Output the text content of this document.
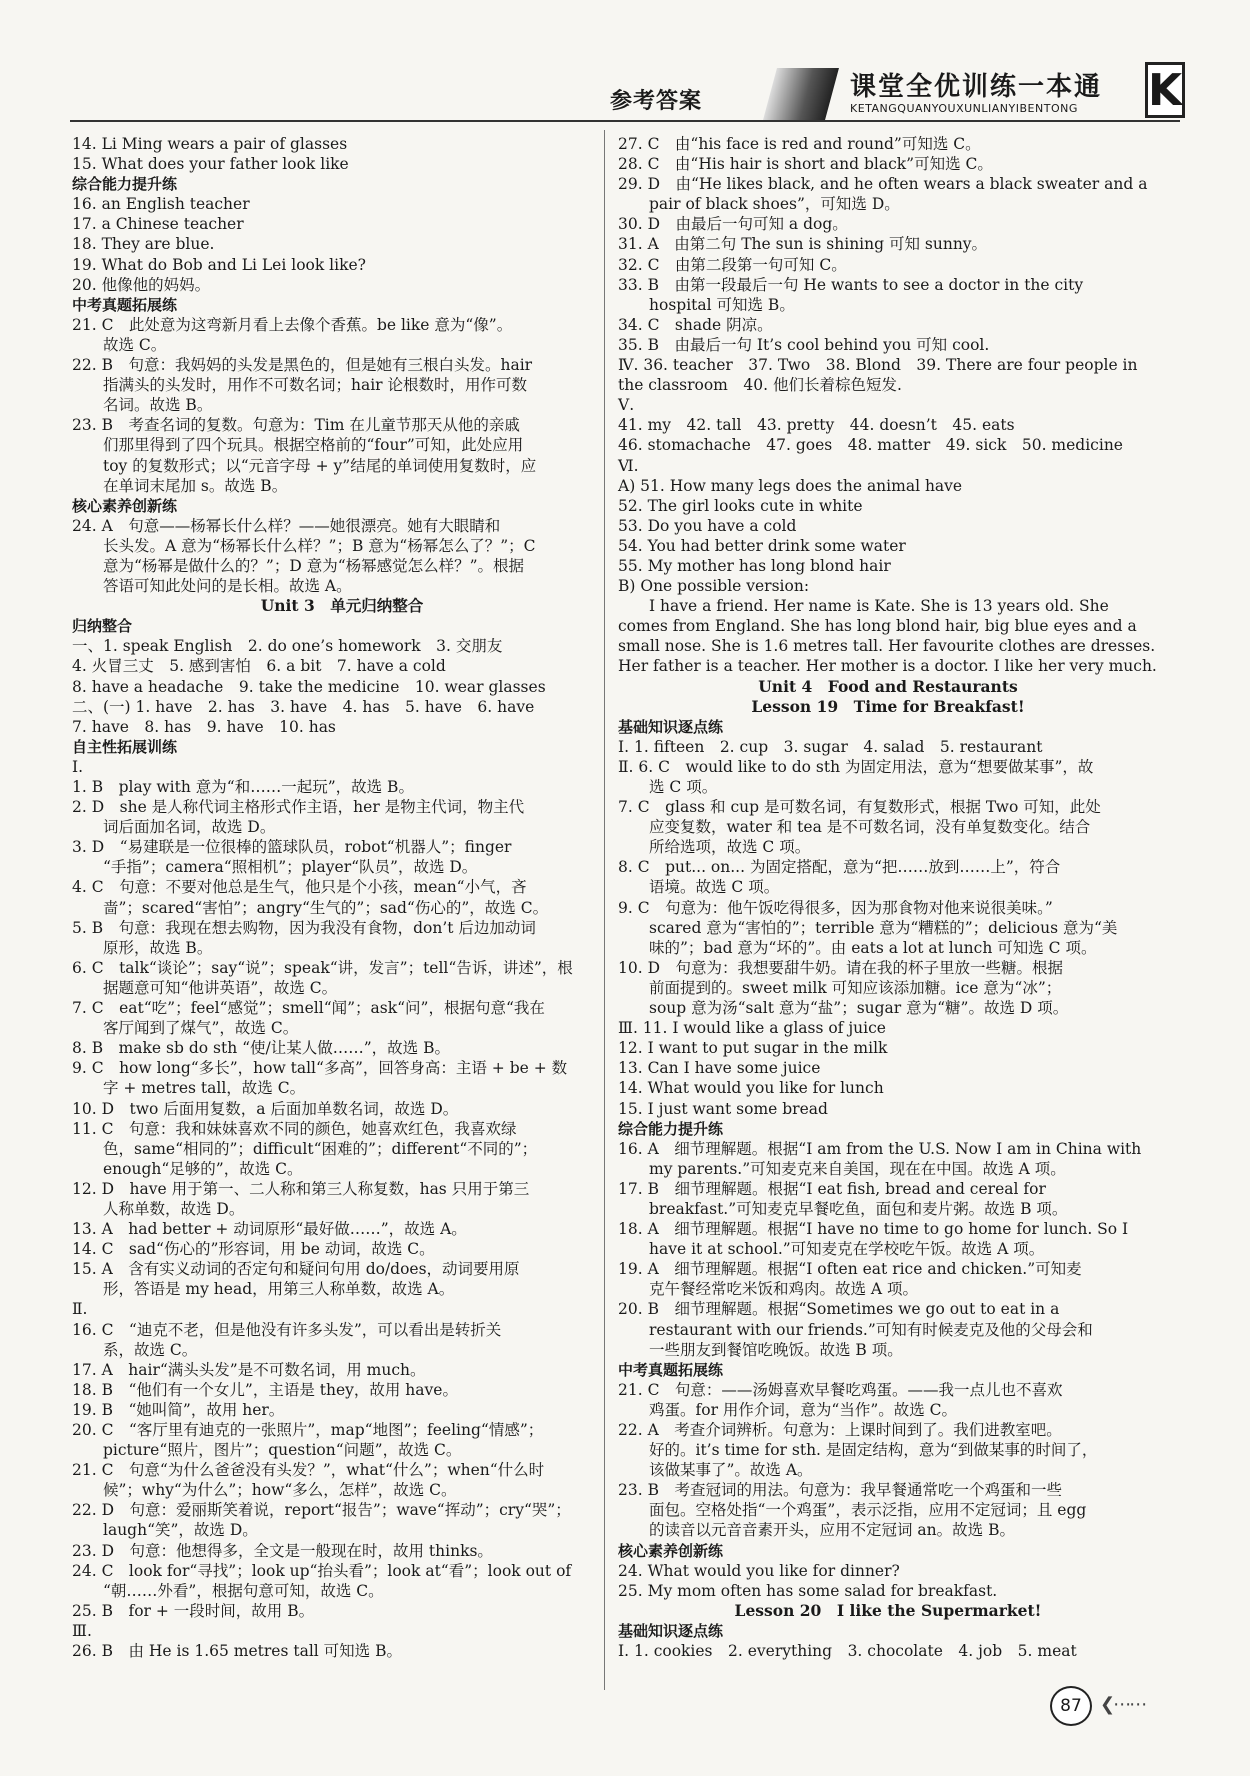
参考答案	课堂全优训练一本通
KETANGQUANYOUXUNLIANYIBENTONG K
14. Li Ming wears a pair of glasses
15. What does your father look like
综合能力提升练
16. an English teacher
17. a Chinese teacher
18. They are blue.
19. What do Bob and Li Lei look like?
20. 他像他的妈妈。
中考真题拓展练
21. C　此处意为这弯新月看上去像个香蕉。be like 意为“像”。
　　故选 C。
22. B　句意：我妈妈的头发是黑色的，但是她有三根白头发。hair
　　指满头的头发时，用作不可数名词；hair 论根数时，用作可数
　　名词。故选 B。
23. B　考查名词的复数。句意为：Tim 在儿童节那天从他的亲戚
　　们那里得到了四个玩具。根据空格前的“four”可知，此处应用
　　toy 的复数形式；以“元音字母 + y”结尾的单词使用复数时，应
　　在单词末尾加 s。故选 B。
核心素养创新练
24. A　句意——杨幂长什么样？——她很漂亮。她有大眼睛和
　　长头发。A 意为“杨幂长什么样？”；B 意为“杨幂怎么了？”；C
　　意为“杨幂是做什么的？”；D 意为“杨幂感觉怎么样？”。根据
　　答语可知此处问的是长相。故选 A。
Unit 3　单元归纳整合
归纳整合
一、1. speak English　2. do one’s homework　3. 交朋友
4. 火冒三丈　5. 感到害怕　6. a bit　7. have a cold
8. have a headache　9. take the medicine　10. wear glasses
二、(一) 1. have　2. has　3. have　4. has　5. have　6. have
7. have　8. has　9. have　10. has
自主性拓展训练
Ⅰ.
1. B　play with 意为“和……一起玩”，故选 B。
2. D　she 是人称代词主格形式作主语，her 是物主代词，物主代
　　词后面加名词，故选 D。
3. D　“易建联是一位很棒的篮球队员，robot“机器人”；finger
　　“手指”；camera“照相机”；player“队员”，故选 D。
4. C　句意：不要对他总是生气，他只是个小孩，mean“小气，吝
　　啬”；scared“害怕”；angry“生气的”；sad“伤心的”，故选 C。
5. B　句意：我现在想去购物，因为我没有食物，don’t 后边加动词
　　原形，故选 B。
6. C　talk“谈论”；say“说”；speak“讲，发言”；tell“告诉，讲述”，根
　　据题意可知“他讲英语”，故选 C。
7. C　eat“吃”；feel“感觉”；smell“闻”；ask“问”，根据句意“我在
　　客厅闻到了煤气”，故选 C。
8. B　make sb do sth “使/让某人做……”，故选 B。
9. C　how long“多长”，how tall“多高”，回答身高：主语 + be + 数
　　字 + metres tall，故选 C。
10. D　two 后面用复数，a 后面加单数名词，故选 D。
11. C　句意：我和妹妹喜欢不同的颜色，她喜欢红色，我喜欢绿
　　色，same“相同的”；difficult“困难的”；different“不同的”；
　　enough“足够的”，故选 C。
12. D　have 用于第一、二人称和第三人称复数，has 只用于第三
　　人称单数，故选 D。
13. A　had better + 动词原形“最好做……”，故选 A。
14. C　sad“伤心的”形容词，用 be 动词，故选 C。
15. A　含有实义动词的否定句和疑问句用 do/does，动词要用原
　　形，答语是 my head，用第三人称单数，故选 A。
Ⅱ.
16. C　“迪克不老，但是他没有许多头发”，可以看出是转折关
　　系，故选 C。
17. A　hair“满头头发”是不可数名词，用 much。
18. B　“他们有一个女儿”，主语是 they，故用 have。
19. B　“她叫简”，故用 her。
20. C　“客厅里有迪克的一张照片”，map“地图”；feeling“情感”；
　　picture“照片，图片”；question“问题”，故选 C。
21. C　句意“为什么爸爸没有头发？”，what“什么”；when“什么时
　　候”；why“为什么”；how“多么，怎样”，故选 C。
22. D　句意：爱丽斯笑着说，report“报告”；wave“挥动”；cry“哭”；
　　laugh“笑”，故选 D。
23. D　句意：他想得多，全文是一般现在时，故用 thinks。
24. C　look for“寻找”；look up“抬头看”；look at“看”；look out of
　　“朝……外看”，根据句意可知，故选 C。
25. B　for + 一段时间，故用 B。
Ⅲ.
26. B　由 He is 1.65 metres tall 可知选 B。
27. C　由“his face is red and round”可知选 C。
28. C　由“His hair is short and black”可知选 C。
29. D　由“He likes black, and he often wears a black sweater and a
　　pair of black shoes”，可知选 D。
30. D　由最后一句可知 a dog。
31. A　由第二句 The sun is shining 可知 sunny。
32. C　由第二段第一句可知 C。
33. B　由第一段最后一句 He wants to see a doctor in the city
　　hospital 可知选 B。
34. C　shade 阴凉。
35. B　由最后一句 It’s cool behind you 可知 cool.
Ⅳ. 36. teacher　37. Two　38. Blond　39. There are four people in
the classroom　40. 他们长着棕色短发.
Ⅴ.
41. my　42. tall　43. pretty　44. doesn’t　45. eats
46. stomachache　47. goes　48. matter　49. sick　50. medicine
Ⅵ.
A) 51. How many legs does the animal have
52. The girl looks cute in white
53. Do you have a cold
54. You had better drink some water
55. My mother has long blond hair
B) One possible version:
　　I have a friend. Her name is Kate. She is 13 years old. She
comes from England. She has long blond hair, big blue eyes and a
small nose. She is 1.6 metres tall. Her favourite clothes are dresses.
Her father is a teacher. Her mother is a doctor. I like her very much.
Unit 4　Food and Restaurants
Lesson 19　Time for Breakfast!
基础知识逐点练
Ⅰ. 1. fifteen　2. cup　3. sugar　4. salad　5. restaurant
Ⅱ. 6. C　would like to do sth 为固定用法，意为“想要做某事”，故
　　选 C 项。
7. C　glass 和 cup 是可数名词，有复数形式，根据 Two 可知，此处
　　应变复数，water 和 tea 是不可数名词，没有单复数变化。结合
　　所给选项，故选 C 项。
8. C　put... on... 为固定搭配，意为“把……放到……上”，符合
　　语境。故选 C 项。
9. C　句意为：他午饭吃得很多，因为那食物对他来说很美味。”
　　scared 意为“害怕的”；terrible 意为“糟糕的”；delicious 意为“美
　　味的”；bad 意为“坏的”。由 eats a lot at lunch 可知选 C 项。
10. D　句意为：我想要甜牛奶。请在我的杯子里放一些糖。根据
　　前面提到的。sweet milk 可知应该添加糖。ice 意为“冰”；
　　soup 意为汤“salt 意为“盐”；sugar 意为“糖”。故选 D 项。
Ⅲ. 11. I would like a glass of juice
12. I want to put sugar in the milk
13. Can I have some juice
14. What would you like for lunch
15. I just want some bread
综合能力提升练
16. A　细节理解题。根据“I am from the U.S. Now I am in China with
　　my parents.”可知麦克来自美国，现在在中国。故选 A 项。
17. B　细节理解题。根据“I eat fish, bread and cereal for
　　breakfast.”可知麦克早餐吃鱼，面包和麦片粥。故选 B 项。
18. A　细节理解题。根据“I have no time to go home for lunch. So I
　　have it at school.”可知麦克在学校吃午饭。故选 A 项。
19. A　细节理解题。根据“I often eat rice and chicken.”可知麦
　　克午餐经常吃米饭和鸡肉。故选 A 项。
20. B　细节理解题。根据“Sometimes we go out to eat in a
　　restaurant with our friends.”可知有时候麦克及他的父母会和
　　一些朋友到餐馆吃晚饭。故选 B 项。
中考真题拓展练
21. C　句意：——汤姆喜欢早餐吃鸡蛋。——我一点儿也不喜欢
　　鸡蛋。for 用作介词，意为“当作”。故选 C。
22. A　考查介词辨析。句意为：上课时间到了。我们进教室吧。
　　好的。it’s time for sth. 是固定结构，意为“到做某事的时间了，
　　该做某事了”。故选 A。
23. B　考查冠词的用法。句意为：我早餐通常吃一个鸡蛋和一些
　　面包。空格处指“一个鸡蛋”，表示泛指，应用不定冠词；且 egg
　　的读音以元音音素开头，应用不定冠词 an。故选 B。
核心素养创新练
24. What would you like for dinner?
25. My mom often has some salad for breakfast.
Lesson 20　I like the Supermarket!
基础知识逐点练
Ⅰ. 1. cookies　2. everything　3. chocolate　4. job　5. meat
87	❮⋯⋯
